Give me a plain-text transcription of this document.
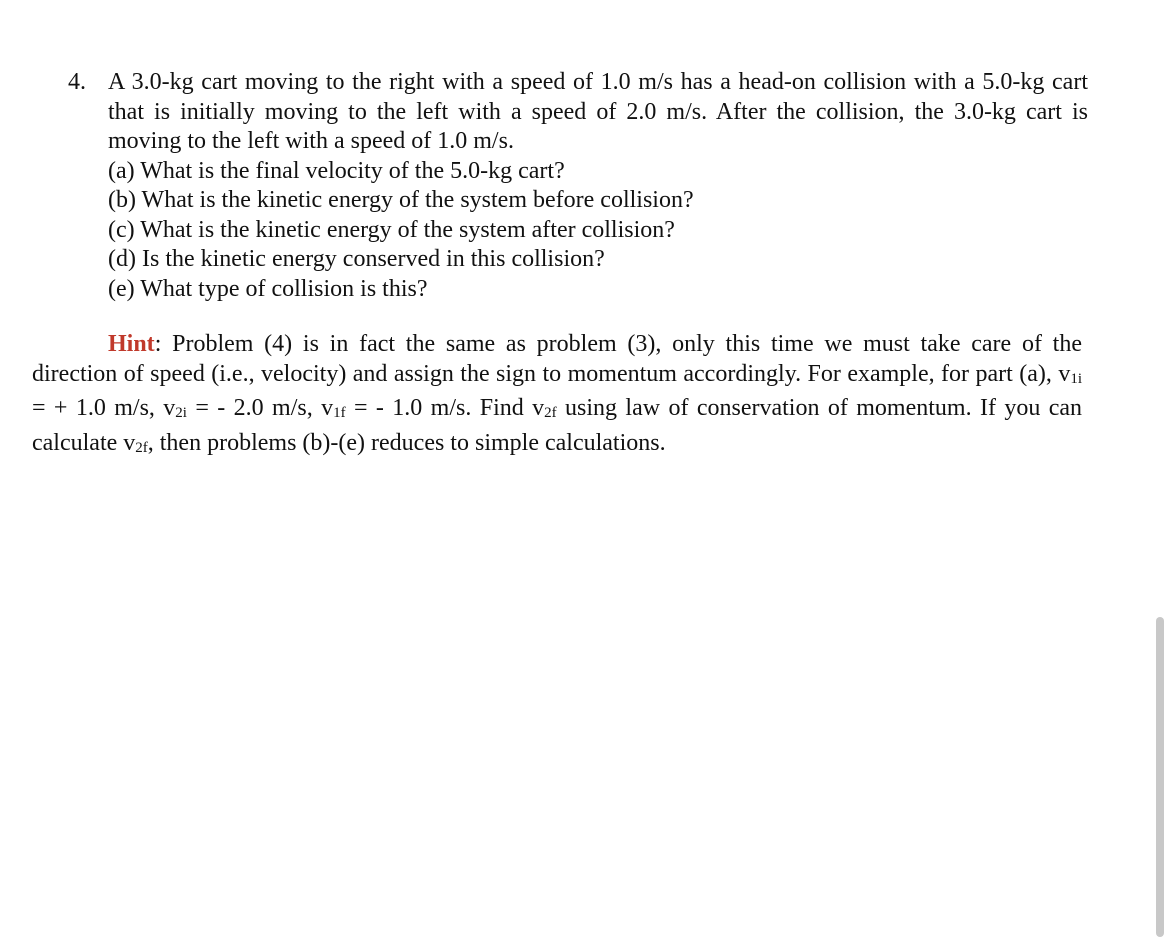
4. A 3.0-kg cart moving to the right with a speed of 1.0 m/s has a head-on collision with a 5.0-kg cart that is initially moving to the left with a speed of 2.0 m/s. After the collision, the 3.0-kg cart is moving to the left with a speed of 1.0 m/s.
(a) What is the final velocity of the 5.0-kg cart?
(b) What is the kinetic energy of the system before collision?
(c) What is the kinetic energy of the system after collision?
(d) Is the kinetic energy conserved in this collision?
(e) What type of collision is this?

Hint: Problem (4) is in fact the same as problem (3), only this time we must take care of the direction of speed (i.e., velocity) and assign the sign to momentum accordingly. For example, for part (a), v1i = + 1.0 m/s, v2i = - 2.0 m/s, v1f = - 1.0 m/s. Find v2f using law of conservation of momentum. If you can calculate v2f, then problems (b)-(e) reduces to simple calculations.
